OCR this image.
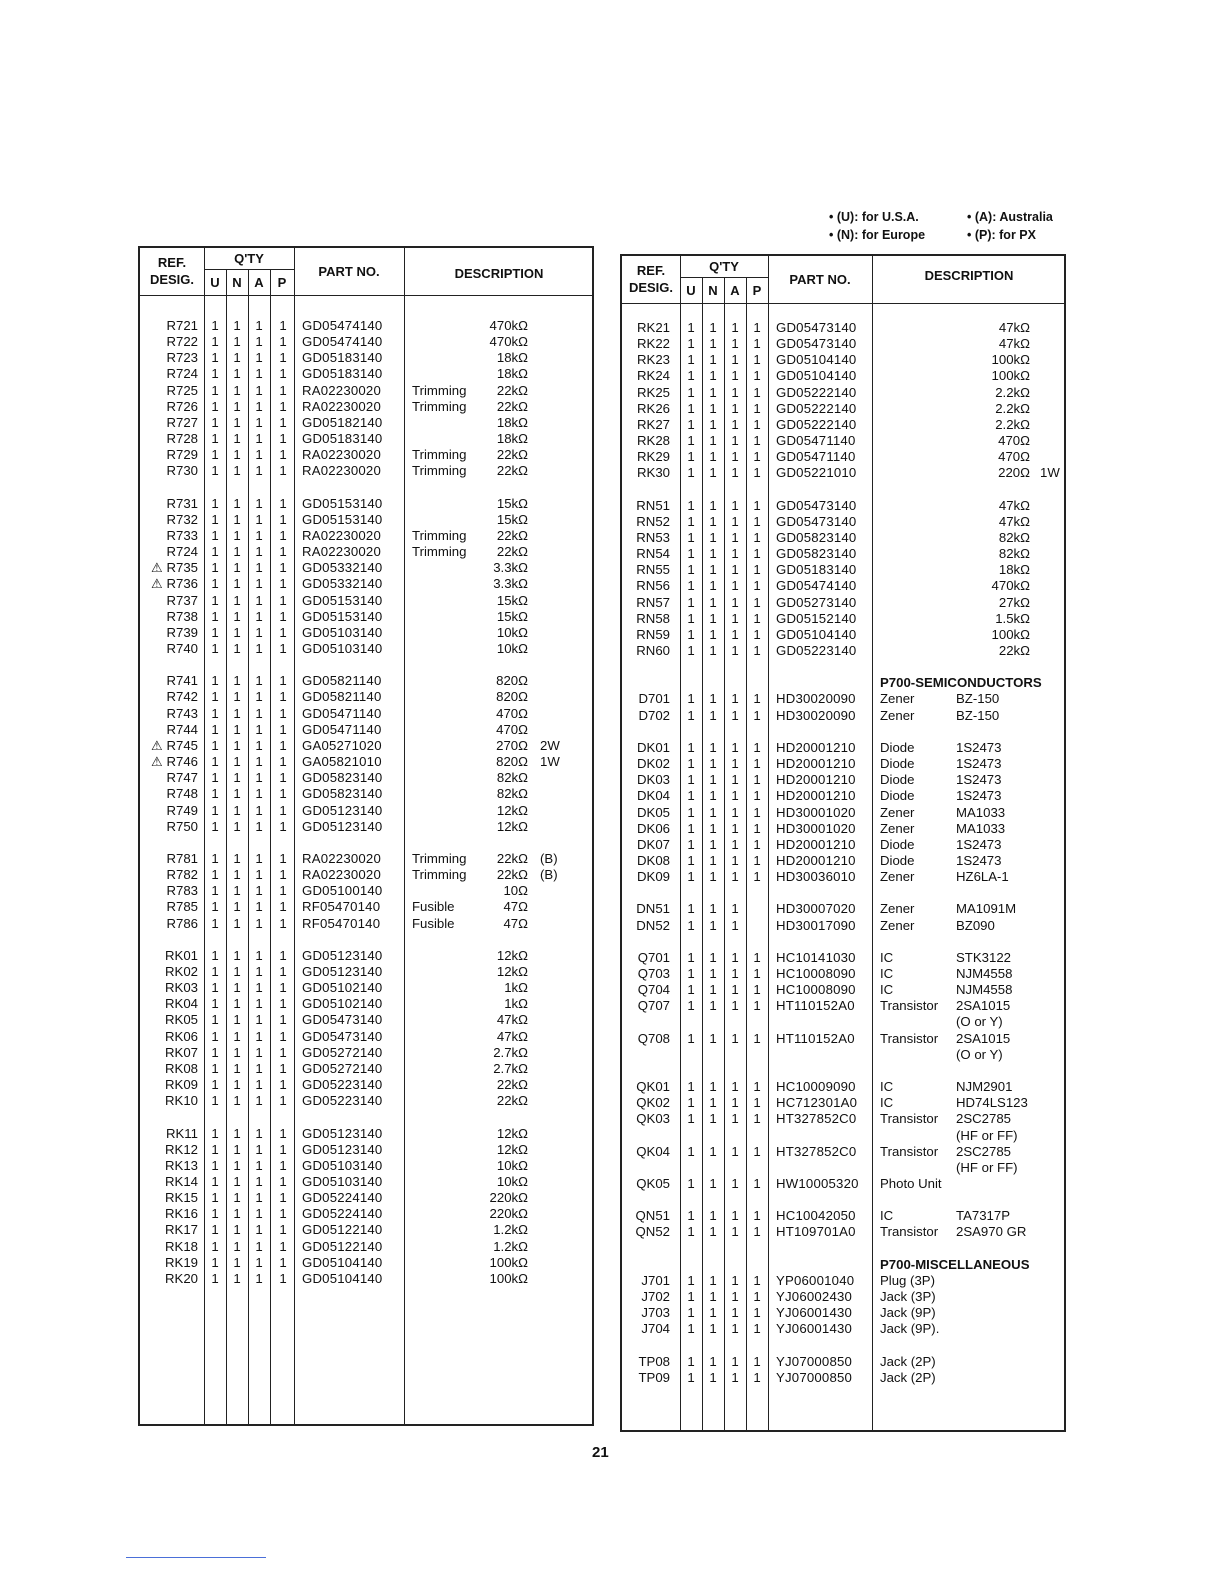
• (U): for U.S.A.	• (A): Australia
• (N): for Europe	• (P): for PX
REF.
DESIG.
Q'TY
U N A	P
PART NO.	DESCRIPTION
R721 1 1 1 1 GD05474140	470kΩ
R722 1 1 1 1 GD05474140	470kΩ
R723 1 1 1 1 GD05183140	18kΩ
R724 1 1 1 1 GD05183140	18kΩ
R725 1 1 1 1 RA02230020 Trimming 22kΩ
R726 1 1 1 1 RA02230020 Trimming 22kΩ
R727 1 1 1 1 GD05182140	18kΩ
R728 1 1 1 1 GD05183140	18kΩ
R729 1 1 1 1 RA02230020 Trimming 22kΩ
R730 1 1 1 1 RA02230020 Trimming 22kΩ
R731 1 1 1 1 GD05153140	15kΩ
R732 1 1 1 1 GD05153140	15kΩ
R733 1 1 1 1 RA02230020 Trimming 22kΩ
R724 1 1 1 1 RA02230020 Trimming 22kΩ
⚠ R735 1 1 1 1 GD05332140	3.3kΩ
⚠ R736 1 1 1 1 GD05332140	3.3kΩ
R737 1 1 1 1 GD05153140	15kΩ
R738 1 1 1 1 GD05153140	15kΩ
R739 1 1 1 1 GD05103140	10kΩ
R740 1 1 1 1 GD05103140	10kΩ
R741 1 1 1 1 GD05821140	820Ω
R742 1 1 1 1 GD05821140	820Ω
R743 1 1 1 1 GD05471140	470Ω
R744 1 1 1 1 GD05471140	470Ω
⚠ R745 1 1 1 1 GA05271020	270Ω 2W
⚠ R746 1 1 1 1 GA05821010	820Ω 1W
R747 1 1 1 1 GD05823140	82kΩ
R748 1 1 1 1 GD05823140	82kΩ
R749 1 1 1 1 GD05123140	12kΩ
R750 1 1 1 1 GD05123140	12kΩ
R781 1 1 1 1 RA02230020 Trimming 22kΩ (B)
R782 1 1 1 1 RA02230020 Trimming 22kΩ (B)
R783 1 1 1 1 GD05100140	10Ω
R785 1 1 1 1 RF05470140 Fusible	47Ω
R786 1 1 1 1 RF05470140 Fusible	47Ω
RK01 1 1 1 1 GD05123140	12kΩ
RK02 1 1 1 1 GD05123140	12kΩ
RK03 1 1 1 1 GD05102140	1kΩ
RK04 1 1 1 1 GD05102140	1kΩ
RK05 1 1 1 1 GD05473140	47kΩ
RK06 1 1 1 1 GD05473140	47kΩ
RK07 1 1 1 1 GD05272140	2.7kΩ
RK08 1 1 1 1 GD05272140	2.7kΩ
RK09 1 1 1 1 GD05223140	22kΩ
RK10 1 1 1 1 GD05223140	22kΩ
RK11 1 1 1 1 GD05123140	12kΩ
RK12 1 1 1 1 GD05123140	12kΩ
RK13 1 1 1 1 GD05103140	10kΩ
RK14 1 1 1 1 GD05103140	10kΩ
RK15 1 1 1 1 GD05224140	220kΩ
RK16 1 1 1 1 GD05224140	220kΩ
RK17 1 1 1 1 GD05122140	1.2kΩ
RK18 1 1 1 1 GD05122140	1.2kΩ
RK19 1 1 1 1 GD05104140	100kΩ
RK20 1 1 1 1 GD05104140	100kΩ
REF.
DESIG.
Q'TY
U N A P
PART NO.	DESCRIPTION
RK21 1 1 1 1 GD05473140	47kΩ
RK22 1 1 1 1 GD05473140	47kΩ
RK23 1 1 1 1 GD05104140	100kΩ
RK24 1 1 1 1 GD05104140	100kΩ
RK25 1 1 1 1 GD05222140	2.2kΩ
RK26 1 1 1 1 GD05222140	2.2kΩ
RK27 1 1 1 1 GD05222140	2.2kΩ
RK28 1 1 1 1 GD05471140	470Ω
RK29 1 1 1 1 GD05471140	470Ω
RK30 1 1 1 1 GD05221010	220Ω 1W
RN51 1 1 1 1 GD05473140	47kΩ
RN52 1 1 1 1 GD05473140	47kΩ
RN53 1 1 1 1 GD05823140	82kΩ
RN54 1 1 1 1 GD05823140	82kΩ
RN55 1 1 1 1 GD05183140	18kΩ
RN56 1 1 1 1 GD05474140	470kΩ
RN57 1 1 1 1 GD05273140	27kΩ
RN58 1 1 1 1 GD05152140	1.5kΩ
RN59 1 1 1 1 GD05104140	100kΩ
RN60 1 1 1 1 GD05223140	22kΩ
P700-SEMICONDUCTORS
D701 1 1 1 1 HD30020090 Zener	BZ-150
D702 1 1 1 1 HD30020090 Zener	BZ-150
DK01 1 1 1 1 HD20001210 Diode	1S2473
DK02 1 1 1 1 HD20001210 Diode	1S2473
DK03 1 1 1 1 HD20001210 Diode	1S2473
DK04 1 1 1 1 HD20001210 Diode	1S2473
DK05 1 1 1 1 HD30001020 Zener	MA1033
DK06 1 1 1 1 HD30001020 Zener	MA1033
DK07 1 1 1 1 HD20001210 Diode	1S2473
DK08 1 1 1 1 HD20001210 Diode	1S2473
DK09 1 1 1 1 HD30036010 Zener	HZ6LA-1
DN51 1 1 1	HD30007020 Zener	MA1091M
DN52 1 1 1	HD30017090 Zener	BZ090
Q701 1 1 1 1 HC10141030 IC	STK3122
Q703 1 1 1 1 HC10008090 IC	NJM4558
Q704 1 1 1 1 HC10008090 IC	NJM4558
Q707 1 1 1 1 HT110152A0 Transistor 2SA1015
(O or Y)
Q708 1 1 1 1 HT110152A0 Transistor 2SA1015
(O or Y)
QK01 1 1 1 1 HC10009090 IC	NJM2901
QK02 1 1 1 1 HC712301A0 IC	HD74LS123
QK03 1 1 1 1 HT327852C0 Transistor 2SC2785
(HF or FF)
QK04 1 1 1 1 HT327852C0 Transistor 2SC2785
(HF or FF)
QK05 1 1 1 1 HW10005320 Photo Unit
QN51 1 1 1 1 HC10042050 IC	TA7317P
QN52 1 1 1 1 HT109701A0 Transistor 2SA970 GR
P700-MISCELLANEOUS
J701 1 1 1 1 YP06001040 Plug (3P)
J702 1 1 1 1 YJ06002430 Jack (3P)
J703 1 1 1 1 YJ06001430 Jack (9P)
J704 1 1 1 1 YJ06001430 Jack (9P).
TP08 1 1 1 1 YJ07000850 Jack (2P)
TP09 1 1 1 1 YJ07000850 Jack (2P)
21
